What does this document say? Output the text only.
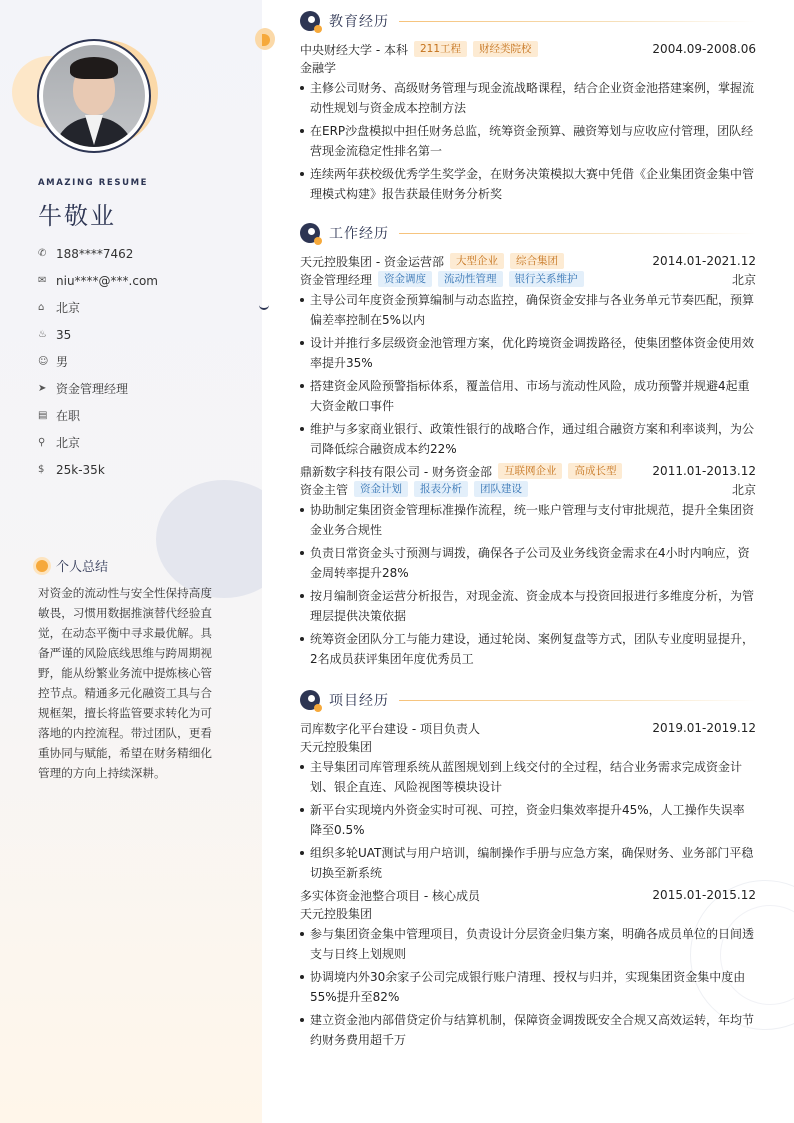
AMAZING RESUME
牛敬业
✆ 188****7462
✉ niu****@***.com
⌂ 北京
♨ 35
☺ 男
➤ 资金管理经理
▤ 在职
⚲ 北京
$ 25k-35k
个人总结

对资金的流动性与安全性保持高度敏畏，习惯用数据推演替代经验直觉，在动态平衡中寻求最优解。具备严谨的风险底线思维与跨周期视野，能从纷繁业务流中提炼核心管控节点。精通多元化融资工具与合规框架，擅长将监管要求转化为可落地的内控流程。带过团队，更看重协同与赋能，希望在财务精细化管理的方向上持续深耕。

教育经历
中央财经大学 - 本科	211工程	财经类院校	2004.09-2008.06
金融学
主修公司财务、高级财务管理与现金流战略课程，结合企业资金池搭建案例，掌握流动性规划与资金成本控制方法
在ERP沙盘模拟中担任财务总监，统筹资金预算、融资筹划与应收应付管理，团队经营现金流稳定性排名第一
连续两年获校级优秀学生奖学金，在财务决策模拟大赛中凭借《企业集团资金集中管理模式构建》报告获最佳财务分析奖
工作经历
天元控股集团 - 资金运营部	大型企业	综合集团	2014.01-2021.12
资金管理经理	资金调度	流动性管理	银行关系维护	北京
主导公司年度资金预算编制与动态监控，确保资金安排与各业务单元节奏匹配，预算偏差率控制在5%以内
设计并推行多层级资金池管理方案，优化跨境资金调拨路径，使集团整体资金使用效率提升35%
搭建资金风险预警指标体系，覆盖信用、市场与流动性风险，成功预警并规避4起重大资金敞口事件
维护与多家商业银行、政策性银行的战略合作，通过组合融资方案和利率谈判，为公司降低综合融资成本约22%
鼎新数字科技有限公司 - 财务资金部	互联网企业	高成长型	2011.01-2013.12
资金主管	资金计划	报表分析	团队建设	北京
协助制定集团资金管理标准操作流程，统一账户管理与支付审批规范，提升全集团资金业务合规性
负责日常资金头寸预测与调拨，确保各子公司及业务线资金需求在4小时内响应，资金周转率提升28%
按月编制资金运营分析报告，对现金流、资金成本与投资回报进行多维度分析，为管理层提供决策依据
统筹资金团队分工与能力建设，通过轮岗、案例复盘等方式，团队专业度明显提升，2名成员获评集团年度优秀员工
项目经历
司库数字化平台建设 - 项目负责人	2019.01-2019.12
天元控股集团
主导集团司库管理系统从蓝图规划到上线交付的全过程，结合业务需求完成资金计划、银企直连、风险视图等模块设计
新平台实现境内外资金实时可视、可控，资金归集效率提升45%，人工操作失误率降至0.5%
组织多轮UAT测试与用户培训，编制操作手册与应急方案，确保财务、业务部门平稳切换至新系统
多实体资金池整合项目 - 核心成员	2015.01-2015.12
天元控股集团
参与集团资金集中管理项目，负责设计分层资金归集方案，明确各成员单位的日间透支与日终上划规则
协调境内外30余家子公司完成银行账户清理、授权与归并，实现集团资金集中度由55%提升至82%
建立资金池内部借贷定价与结算机制，保障资金调拨既安全合规又高效运转，年均节约财务费用超千万
